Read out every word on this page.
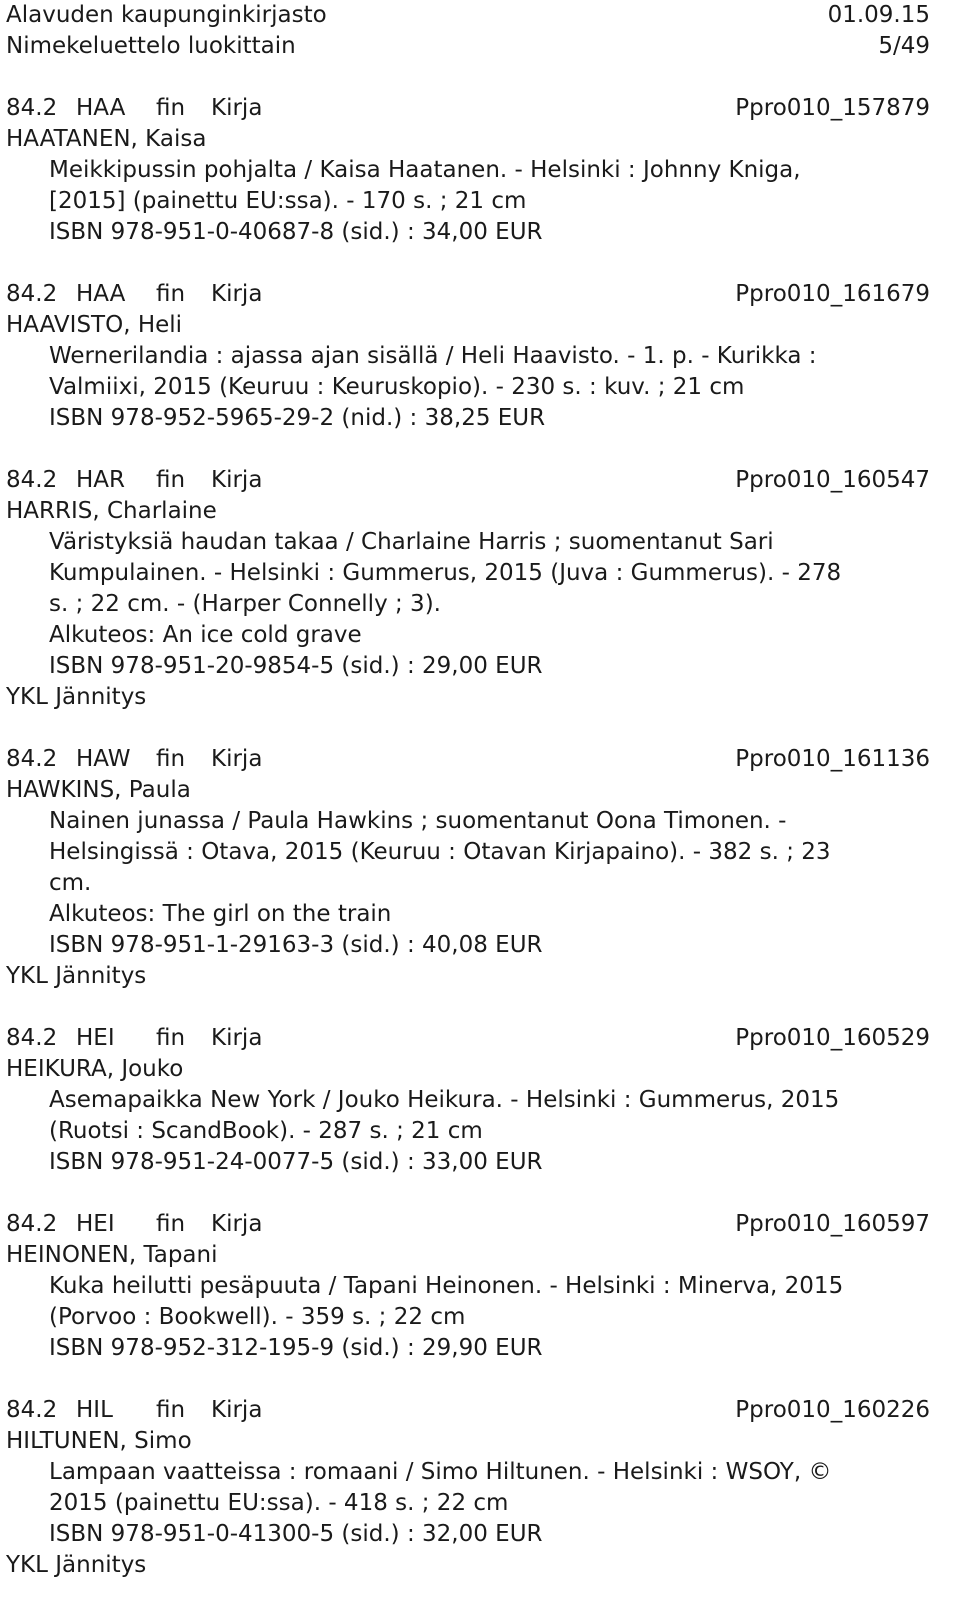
Alavuden kaupunginkirjasto	01.09.15
Nimekeluettelo luokittain	5/49
84.2 HAA fin Kirja	Ppro010_157879
HAATANEN, Kaisa
Meikkipussin pohjalta / Kaisa Haatanen. - Helsinki : Johnny Kniga,
[2015] (painettu EU:ssa). - 170 s. ; 21 cm
ISBN 978-951-0-40687-8 (sid.) : 34,00 EUR
84.2 HAA fin Kirja	Ppro010_161679
HAAVISTO, Heli
Wernerilandia : ajassa ajan sisällä / Heli Haavisto. - 1. p. - Kurikka :
Valmiixi, 2015 (Keuruu : Keuruskopio). - 230 s. : kuv. ; 21 cm
ISBN 978-952-5965-29-2 (nid.) : 38,25 EUR
84.2 HAR fin Kirja	Ppro010_160547
HARRIS, Charlaine
Väristyksiä haudan takaa / Charlaine Harris ; suomentanut Sari
Kumpulainen. - Helsinki : Gummerus, 2015 (Juva : Gummerus). - 278
s. ; 22 cm. - (Harper Connelly ; 3).
Alkuteos: An ice cold grave
ISBN 978-951-20-9854-5 (sid.) : 29,00 EUR
YKL Jännitys
84.2 HAW fin Kirja	Ppro010_161136
HAWKINS, Paula
Nainen junassa / Paula Hawkins ; suomentanut Oona Timonen. -
Helsingissä : Otava, 2015 (Keuruu : Otavan Kirjapaino). - 382 s. ; 23
cm.
Alkuteos: The girl on the train
ISBN 978-951-1-29163-3 (sid.) : 40,08 EUR
YKL Jännitys
84.2 HEI fin Kirja	Ppro010_160529
HEIKURA, Jouko
Asemapaikka New York / Jouko Heikura. - Helsinki : Gummerus, 2015
(Ruotsi : ScandBook). - 287 s. ; 21 cm
ISBN 978-951-24-0077-5 (sid.) : 33,00 EUR
84.2 HEI fin Kirja	Ppro010_160597
HEINONEN, Tapani
Kuka heilutti pesäpuuta / Tapani Heinonen. - Helsinki : Minerva, 2015
(Porvoo : Bookwell). - 359 s. ; 22 cm
ISBN 978-952-312-195-9 (sid.) : 29,90 EUR
84.2 HIL fin Kirja	Ppro010_160226
HILTUNEN, Simo
Lampaan vaatteissa : romaani / Simo Hiltunen. - Helsinki : WSOY, ©
2015 (painettu EU:ssa). - 418 s. ; 22 cm
ISBN 978-951-0-41300-5 (sid.) : 32,00 EUR
YKL Jännitys
